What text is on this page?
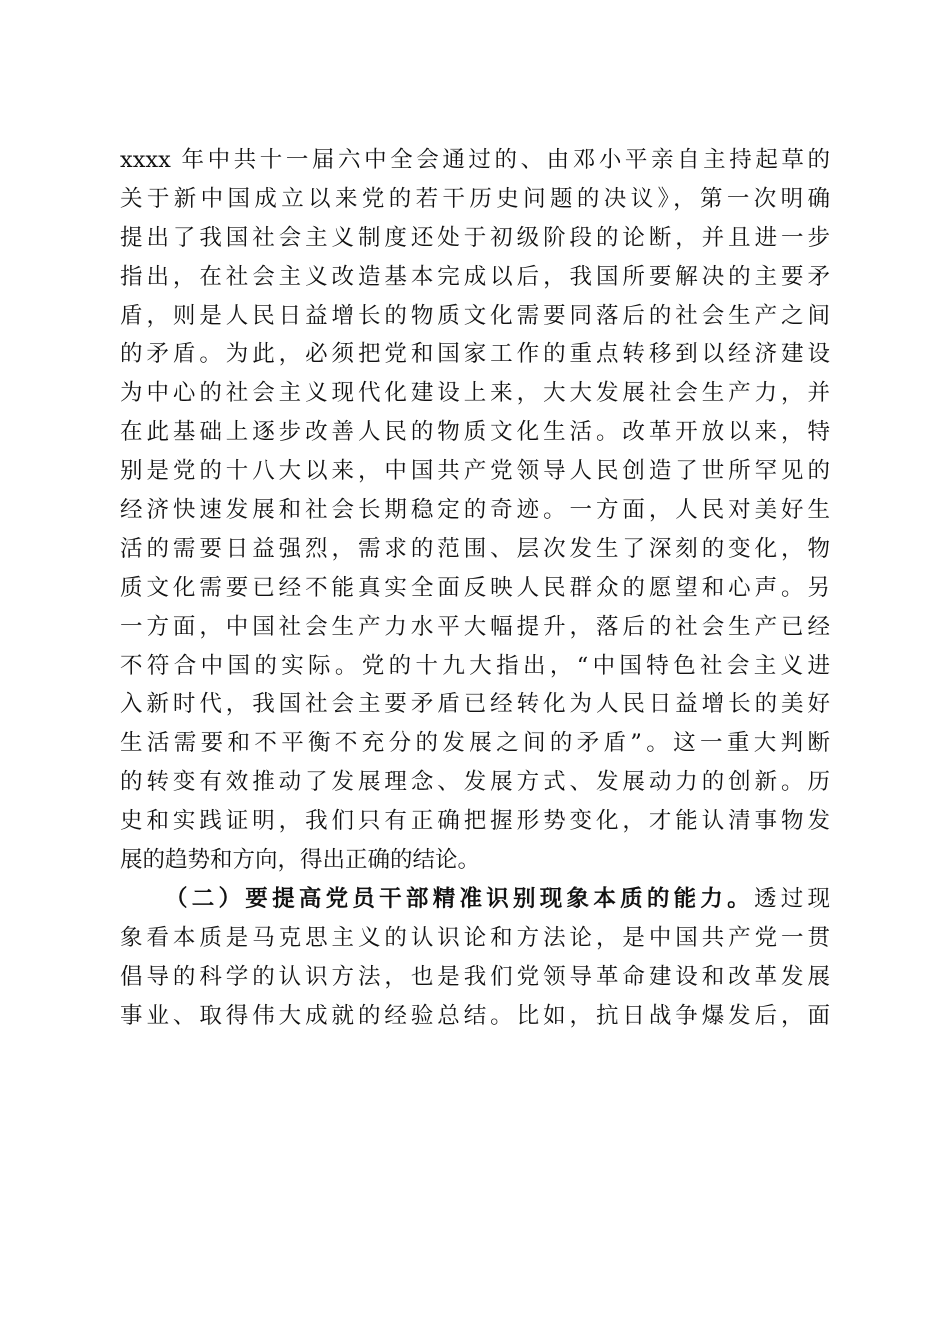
xxxx 年中共十一届六中全会通过的、由邓小平亲自主持起草的
关于新中国成立以来党的若干历史问题的决议》，第一次明确
提出了我国社会主义制度还处于初级阶段的论断，并且进一步
指出，在社会主义改造基本完成以后，我国所要解决的主要矛
盾，则是人民日益增长的物质文化需要同落后的社会生产之间
的矛盾。为此，必须把党和国家工作的重点转移到以经济建设
为中心的社会主义现代化建设上来，大大发展社会生产力，并
在此基础上逐步改善人民的物质文化生活。改革开放以来，特
别是党的十八大以来，中国共产党领导人民创造了世所罕见的
经济快速发展和社会长期稳定的奇迹。一方面，人民对美好生
活的需要日益强烈，需求的范围、层次发生了深刻的变化，物
质文化需要已经不能真实全面反映人民群众的愿望和心声。另
一方面，中国社会生产力水平大幅提升，落后的社会生产已经
不符合中国的实际。党的十九大指出，“中国特色社会主义进
入新时代，我国社会主要矛盾已经转化为人民日益增长的美好
生活需要和不平衡不充分的发展之间的矛盾”。这一重大判断
的转变有效推动了发展理念、发展方式、发展动力的创新。历
史和实践证明，我们只有正确把握形势变化，才能认清事物发
展的趋势和方向，得出正确的结论。
（二）要提高党员干部精准识别现象本质的能力。透过现
象看本质是马克思主义的认识论和方法论，是中国共产党一贯
倡导的科学的认识方法，也是我们党领导革命建设和改革发展
事业、取得伟大成就的经验总结。比如，抗日战争爆发后，面
